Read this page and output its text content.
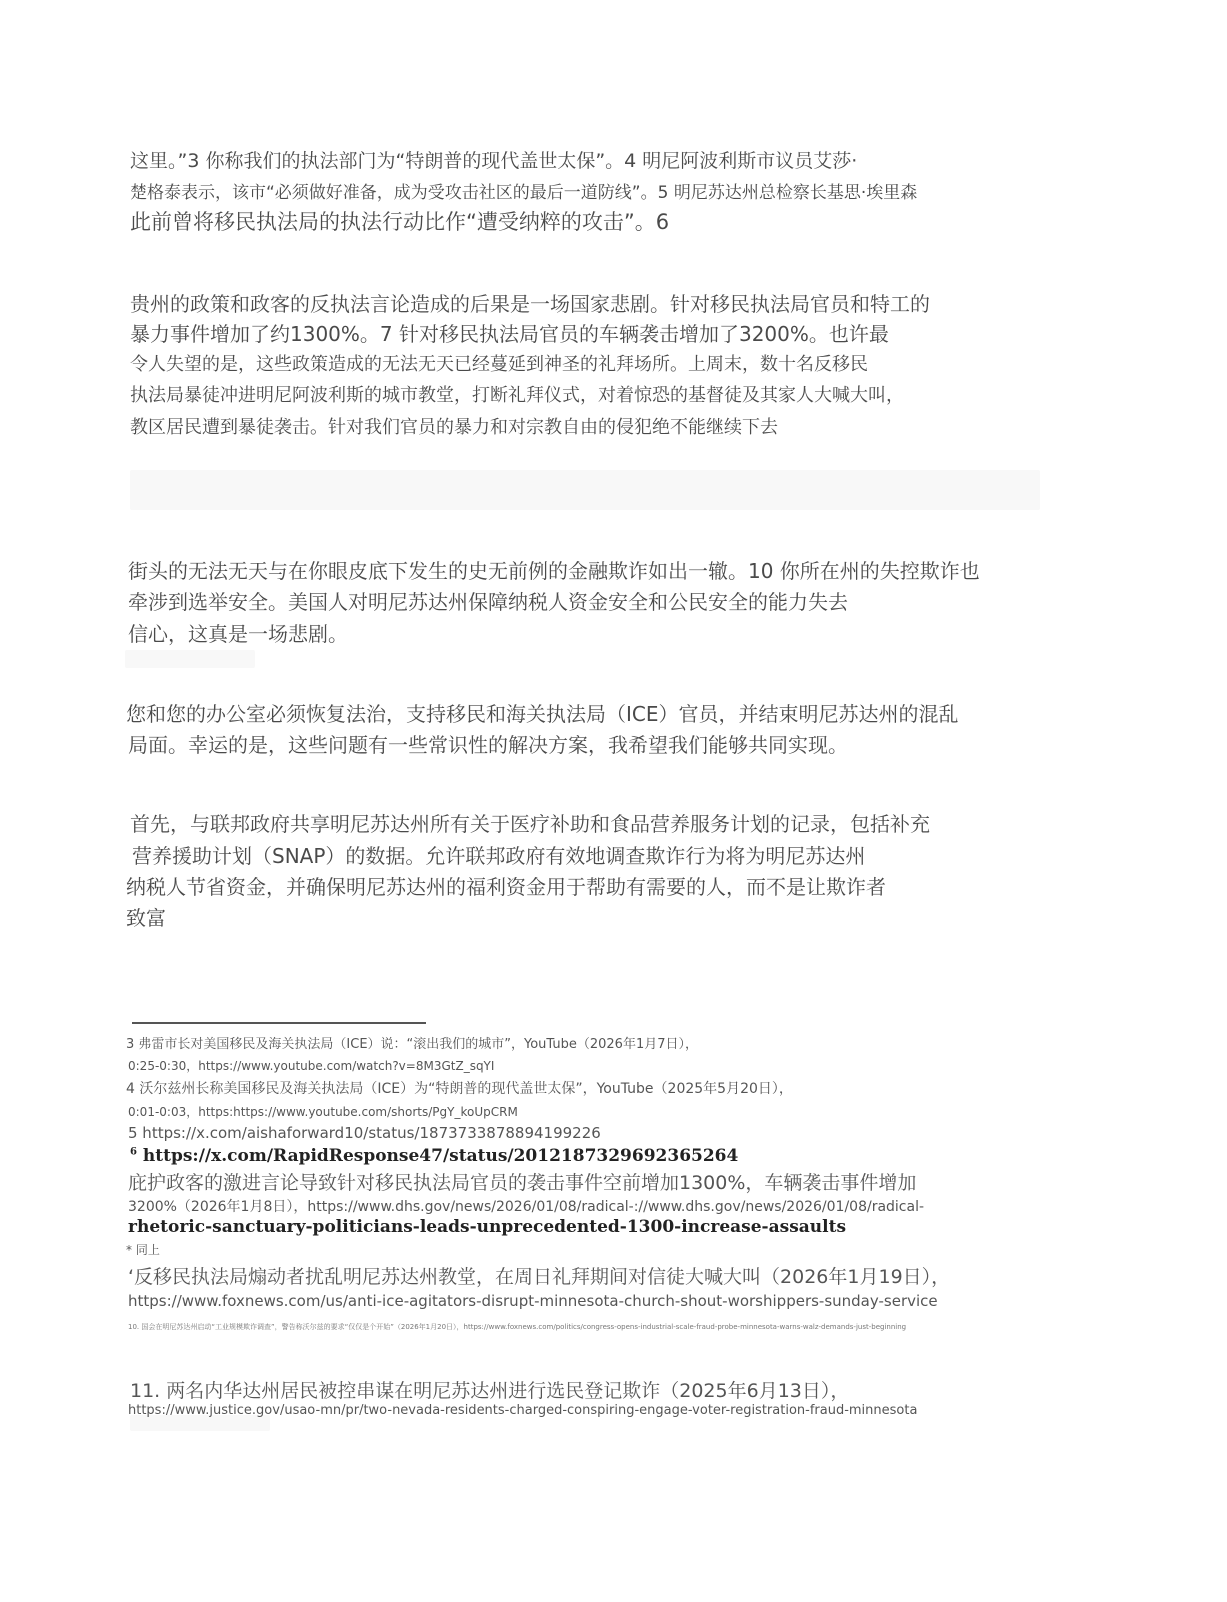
这里。”3 你称我们的执法部门为“特朗普的现代盖世太保”。4 明尼阿波利斯市议员艾莎·
楚格泰表示，该市“必须做好准备，成为受攻击社区的最后一道防线”。5 明尼苏达州总检察长基思·埃里森
此前曾将移民执法局的执法行动比作“遭受纳粹的攻击”。6
贵州的政策和政客的反执法言论造成的后果是一场国家悲剧。针对移民执法局官员和特工的
暴力事件增加了约1300%。7 针对移民执法局官员的车辆袭击增加了3200%。也许最
令人失望的是，这些政策造成的无法无天已经蔓延到神圣的礼拜场所。上周末，数十名反移民
执法局暴徒冲进明尼阿波利斯的城市教堂，打断礼拜仪式，对着惊恐的基督徒及其家人大喊大叫，
教区居民遭到暴徒袭击。针对我们官员的暴力和对宗教自由的侵犯绝不能继续下去
街头的无法无天与在你眼皮底下发生的史无前例的金融欺诈如出一辙。10 你所在州的失控欺诈也
牵涉到选举安全。美国人对明尼苏达州保障纳税人资金安全和公民安全的能力失去
信心，这真是一场悲剧。
您和您的办公室必须恢复法治，支持移民和海关执法局（ICE）官员，并结束明尼苏达州的混乱
局面。幸运的是，这些问题有一些常识性的解决方案，我希望我们能够共同实现。
首先，与联邦政府共享明尼苏达州所有关于医疗补助和食品营养服务计划的记录，包括补充
营养援助计划（SNAP）的数据。允许联邦政府有效地调查欺诈行为将为明尼苏达州
纳税人节省资金，并确保明尼苏达州的福利资金用于帮助有需要的人，而不是让欺诈者
致富
3 弗雷市长对美国移民及海关执法局（ICE）说：“滚出我们的城市”，YouTube（2026年1月7日），
0:25-0:30，https://www.youtube.com/watch?v=8M3GtZ_sqYI
4 沃尔兹州长称美国移民及海关执法局（ICE）为“特朗普的现代盖世太保”，YouTube（2025年5月20日），
0:01-0:03，https:https://www.youtube.com/shorts/PgY_koUpCRM
5 https://x.com/aishaforward10/status/1873733878894199226
$^6$ https://x.com/RapidResponse47/status/2012187329692365264
庇护政客的激进言论导致针对移民执法局官员的袭击事件空前增加1300%，车辆袭击事件增加
3200%（2026年1月8日），https://www.dhs.gov/news/2026/01/08/radical-://www.dhs.gov/news/2026/01/08/radical-
rhetoric-sanctuary-politicians-leads-unprecedented-1300-increase-assaults
* 同上
ʻ反移民执法局煽动者扰乱明尼苏达州教堂，在周日礼拜期间对信徒大喊大叫（2026年1月19日），
https://www.foxnews.com/us/anti-ice-agitators-disrupt-minnesota-church-shout-worshippers-sunday-service
10. 国会在明尼苏达州启动“工业规模欺诈调查”，警告称沃尔兹的要求“仅仅是个开始”（2026年1月20日），https://www.foxnews.com/politics/congress-opens-industrial-scale-fraud-probe-minnesota-warns-walz-demands-just-beginning
11. 两名内华达州居民被控串谋在明尼苏达州进行选民登记欺诈（2025年6月13日），
https://www.justice.gov/usao-mn/pr/two-nevada-residents-charged-conspiring-engage-voter-registration-fraud-minnesota
